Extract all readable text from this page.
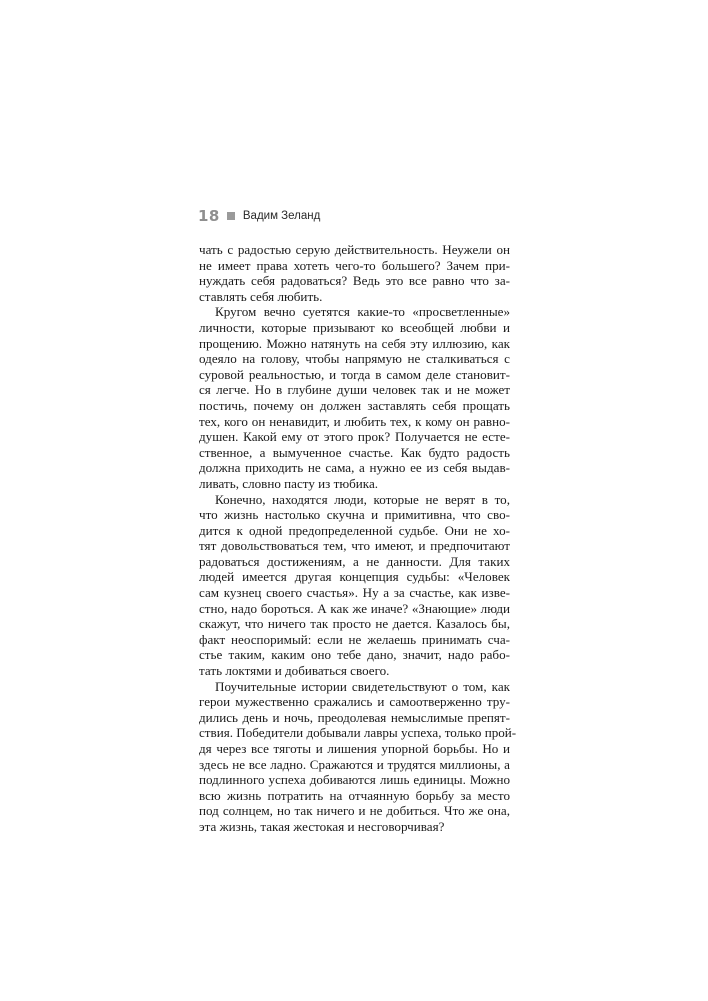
18 Вадим Зеланд

чать с радостью серую действительность. Неужели он
не имеет права хотеть чего-то большего? Зачем при-
нуждать себя радоваться? Ведь это все равно что за-
ставлять себя любить.

Кругом вечно суетятся какие-то «просветленные»
личности, которые призывают ко всеобщей любви и
прощению. Можно натянуть на себя эту иллюзию, как
одеяло на голову, чтобы напрямую не сталкиваться с
суровой реальностью, и тогда в самом деле становит-
ся легче. Но в глубине души человек так и не может
постичь, почему он должен заставлять себя прощать
тех, кого он ненавидит, и любить тех, к кому он равно-
душен. Какой ему от этого прок? Получается не есте-
ственное, а вымученное счастье. Как будто радость
должна приходить не сама, а нужно ее из себя выдав-
ливать, словно пасту из тюбика.

Конечно, находятся люди, которые не верят в то,
что жизнь настолько скучна и примитивна, что сво-
дится к одной предопределенной судьбе. Они не хо-
тят довольствоваться тем, что имеют, и предпочитают
радоваться достижениям, а не данности. Для таких
людей имеется другая концепция судьбы: «Человек
сам кузнец своего счастья». Ну а за счастье, как изве-
стно, надо бороться. А как же иначе? «Знающие» люди
скажут, что ничего так просто не дается. Казалось бы,
факт неоспоримый: если не желаешь принимать сча-
стье таким, каким оно тебе дано, значит, надо рабо-
тать локтями и добиваться своего.

Поучительные истории свидетельствуют о том, как
герои мужественно сражались и самоотверженно тру-
дились день и ночь, преодолевая немыслимые препят-
ствия. Победители добывали лавры успеха, только прой-
дя через все тяготы и лишения упорной борьбы. Но и
здесь не все ладно. Сражаются и трудятся миллионы, а
подлинного успеха добиваются лишь единицы. Можно
всю жизнь потратить на отчаянную борьбу за место
под солнцем, но так ничего и не добиться. Что же она,
эта жизнь, такая жестокая и несговорчивая?
